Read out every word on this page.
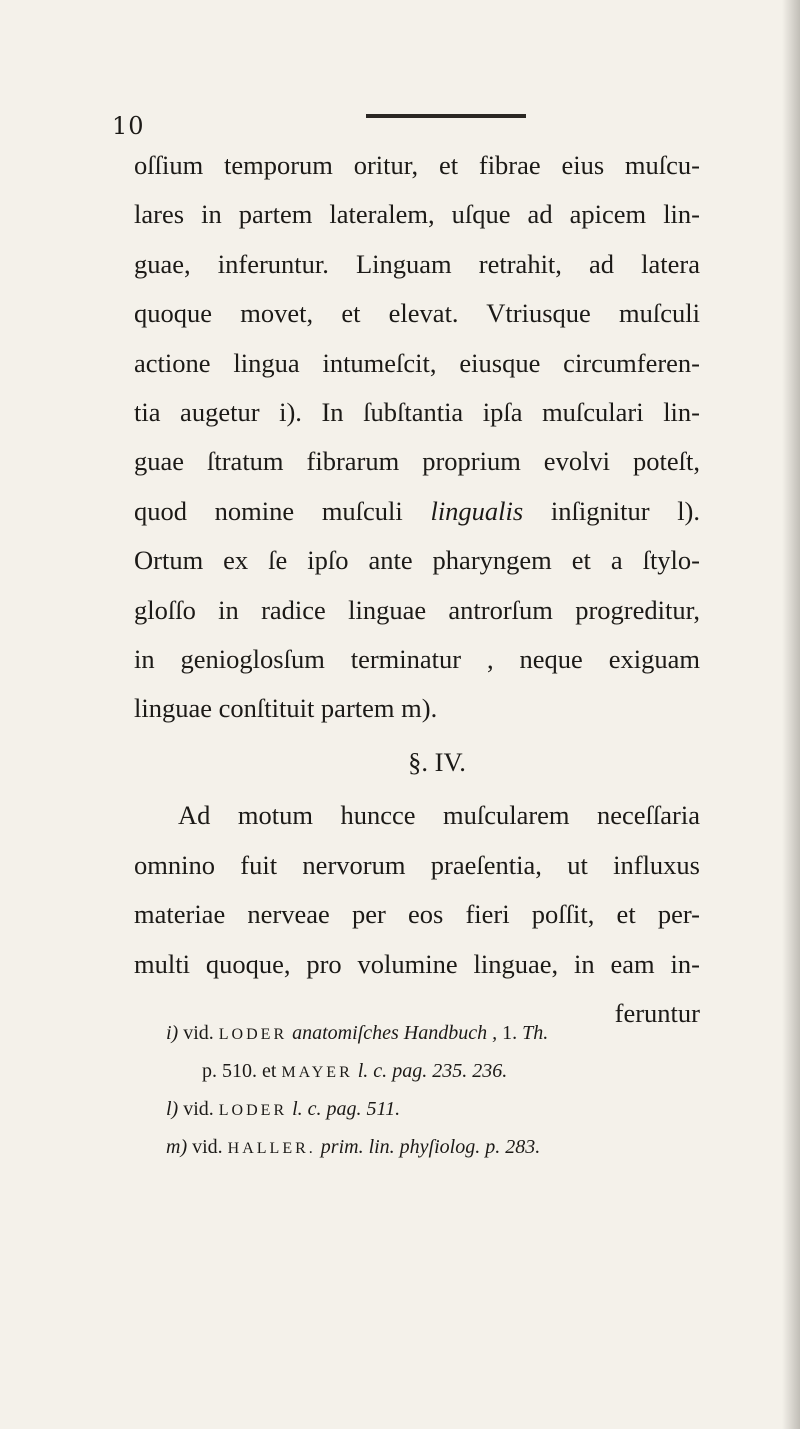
10
oſſium temporum oritur, et fibrae eius muſcu-
lares in partem lateralem, uſque ad apicem lin-
guae, inferuntur. Linguam retrahit, ad latera
quoque movet, et elevat. Vtriusque muſculi
actione lingua intumeſcit, eiusque circumferen-
tia augetur i). In ſubſtantia ipſa muſculari lin-
guae ſtratum fibrarum proprium evolvi poteſt,
quod nomine muſculi lingualis inſignitur l).
Ortum ex ſe ipſo ante pharyngem et a ſtylo-
gloſſo in radice linguae antrorſum progreditur,
in genioglosſum terminatur , neque exiguam
linguae conſtituit partem m).
§. IV.
Ad motum huncce muſcularem neceſſaria
omnino fuit nervorum praeſentia, ut influxus
materiae nerveae per eos fieri poſſit, et per-
multi quoque, pro volumine linguae, in eam in-
feruntur
i) vid. LODER anatomiſches Handbuch , 1. Th.
p. 510. et MAYER l. c. pag. 235. 236.
l) vid. LODER l. c. pag. 511.
m) vid. HALLER. prim. lin. phyſiolog. p. 283.
